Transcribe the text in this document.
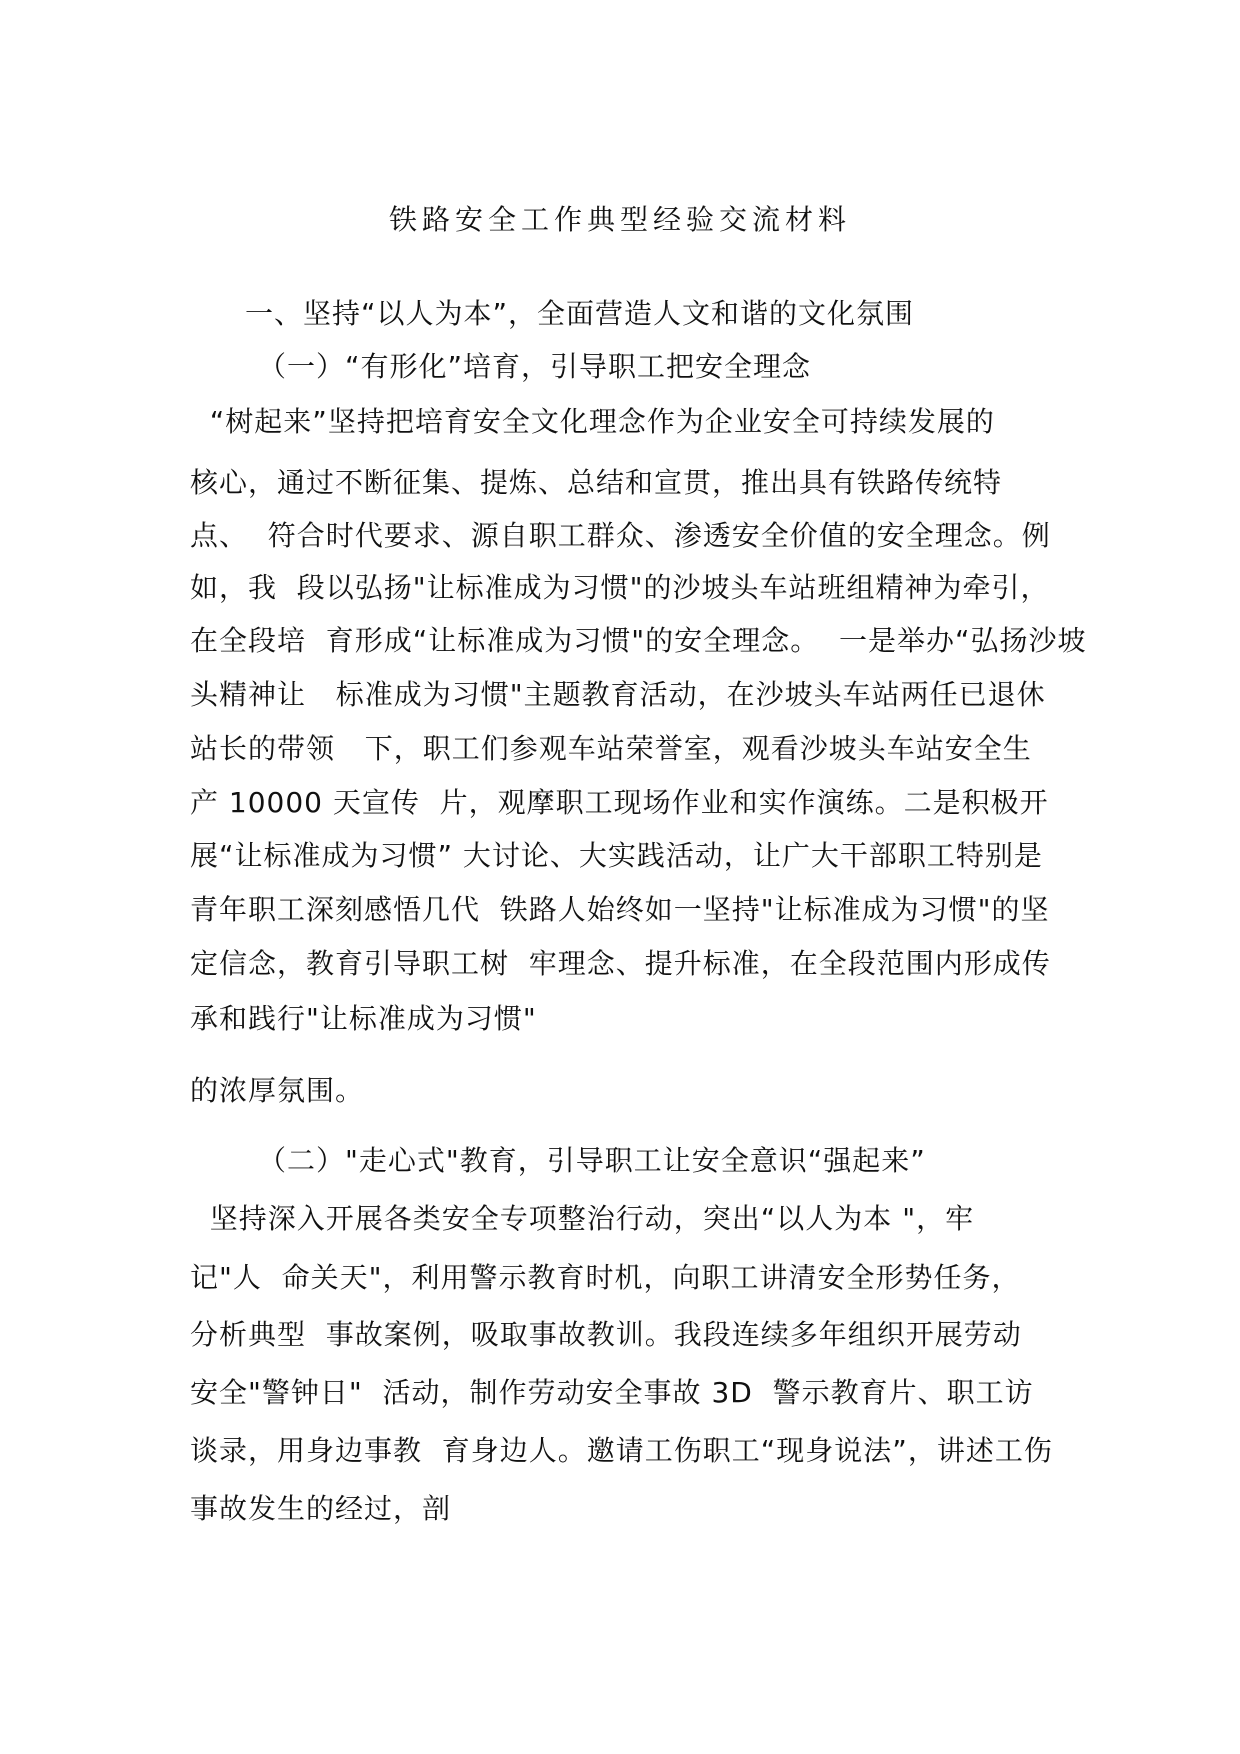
铁路安全工作典型经验交流材料
一、坚持“以人为本”，全面营造人文和谐的文化氛围
（一）“有形化”培育，引导职工把安全理念
“树起来”坚持把培育安全文化理念作为企业安全可持续发展的
核心，通过不断征集、提炼、总结和宣贯，推出具有铁路传统特
点、  符合时代要求、源自职工群众、渗透安全价值的安全理念。例
如，我  段以弘扬"让标准成为习惯"的沙坡头车站班组精神为牵引，
在全段培  育形成“让标准成为习惯"的安全理念。  一是举办“弘扬沙坡
头精神让   标准成为习惯"主题教育活动，在沙坡头车站两任已退休
站长的带领   下，职工们参观车站荣誉室，观看沙坡头车站安全生
产 10000 天宣传  片，观摩职工现场作业和实作演练。二是积极开
展“让标准成为习惯” 大讨论、大实践活动，让广大干部职工特别是
青年职工深刻感悟几代  铁路人始终如一坚持"让标准成为习惯"的坚
定信念，教育引导职工树  牢理念、提升标准，在全段范围内形成传
承和践行"让标准成为习惯"
的浓厚氛围。
（二）"走心式"教育，引导职工让安全意识“强起来”
坚持深入开展各类安全专项整治行动，突出“以人为本 "，牢
记"人  命关天"，利用警示教育时机，向职工讲清安全形势任务，
分析典型  事故案例，吸取事故教训。我段连续多年组织开展劳动
安全"警钟日"  活动，制作劳动安全事故 3D  警示教育片、职工访
谈录，用身边事教  育身边人。邀请工伤职工“现身说法”，讲述工伤
事故发生的经过，剖
